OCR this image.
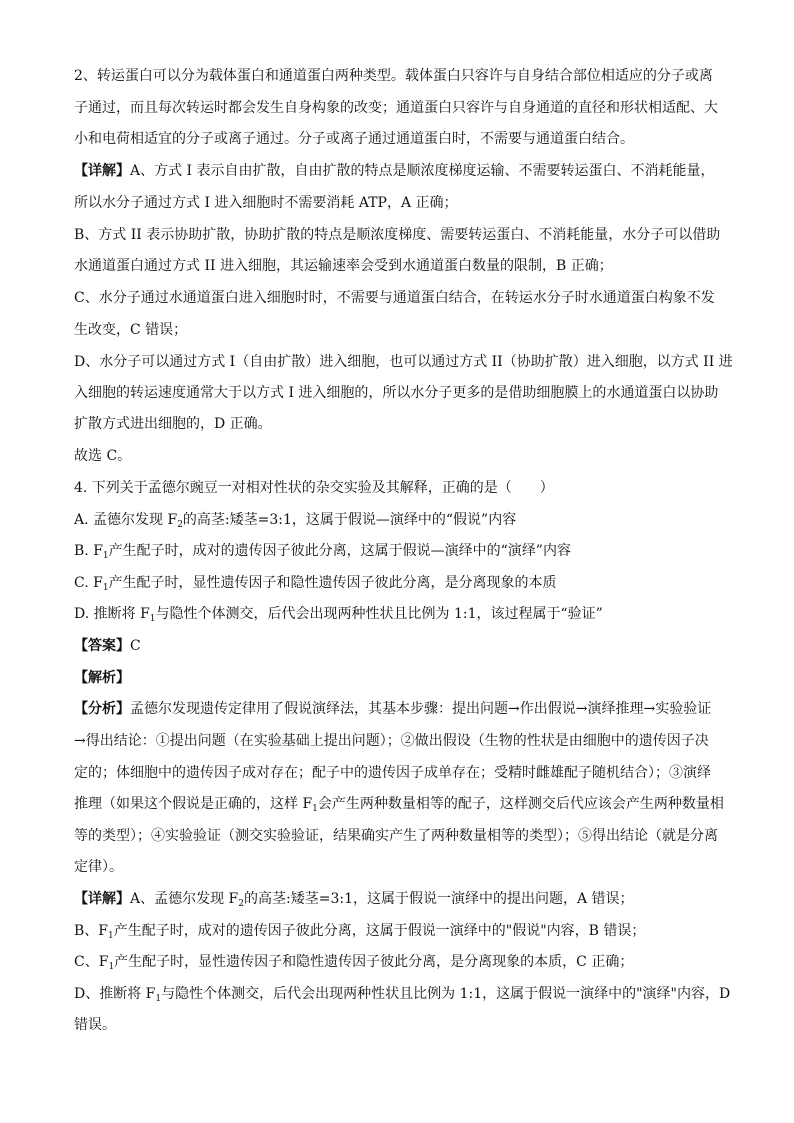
2、转运蛋白可以分为载体蛋白和通道蛋白两种类型。载体蛋白只容许与自身结合部位相适应的分子或离
子通过，而且每次转运时都会发生自身构象的改变；通道蛋白只容许与自身通道的直径和形状相适配、大
小和电荷相适宜的分子或离子通过。分子或离子通过通道蛋白时，不需要与通道蛋白结合。
【详解】A、方式 I 表示自由扩散，自由扩散的特点是顺浓度梯度运输、不需要转运蛋白、不消耗能量，
所以水分子通过方式 I 进入细胞时不需要消耗 ATP，A 正确；
B、方式 II 表示协助扩散，协助扩散的特点是顺浓度梯度、需要转运蛋白、不消耗能量，水分子可以借助
水通道蛋白通过方式 II 进入细胞，其运输速率会受到水通道蛋白数量的限制，B 正确；
C、水分子通过水通道蛋白进入细胞时时，不需要与通道蛋白结合，在转运水分子时水通道蛋白构象不发
生改变，C 错误；
D、水分子可以通过方式 I（自由扩散）进入细胞，也可以通过方式 II（协助扩散）进入细胞，以方式 II 进
入细胞的转运速度通常大于以方式 I 进入细胞的，所以水分子更多的是借助细胞膜上的水通道蛋白以协助
扩散方式进出细胞的，D 正确。
故选 C。
4. 下列关于孟德尔豌豆一对相对性状的杂交实验及其解释，正确的是（　　）
A. 孟德尔发现 $F_2$的高茎:矮茎=3:1，这属于假说—演绎中的“假说”内容
B. $F_1$产生配子时，成对的遗传因子彼此分离，这属于假说—演绎中的“演绎”内容
C. $F_1$产生配子时，显性遗传因子和隐性遗传因子彼此分离，是分离现象的本质
D. 推断将 $F_1$与隐性个体测交，后代会出现两种性状且比例为 1:1，该过程属于“验证”
【答案】C
【解析】
【分析】孟德尔发现遗传定律用了假说演绎法，其基本步骤：提出问题→作出假说→演绎推理→实验验证
→得出结论：①提出问题（在实验基础上提出问题）；②做出假设（生物的性状是由细胞中的遗传因子决
定的；体细胞中的遗传因子成对存在；配子中的遗传因子成单存在；受精时雌雄配子随机结合）；③演绎
推理（如果这个假说是正确的，这样 $F_1$会产生两种数量相等的配子，这样测交后代应该会产生两种数量相
等的类型）；④实验验证（测交实验验证，结果确实产生了两种数量相等的类型）；⑤得出结论（就是分离
定律）。
【详解】A、孟德尔发现 $F_2$的高茎:矮茎=3:1，这属于假说一演绎中的提出问题，A 错误；
B、$F_1$产生配子时，成对的遗传因子彼此分离，这属于假说一演绎中的"假说"内容，B 错误；
C、$F_1$产生配子时，显性遗传因子和隐性遗传因子彼此分离，是分离现象的本质，C 正确；
D、推断将 $F_1$与隐性个体测交，后代会出现两种性状且比例为 1:1，这属于假说一演绎中的"演绎"内容，D
错误。
